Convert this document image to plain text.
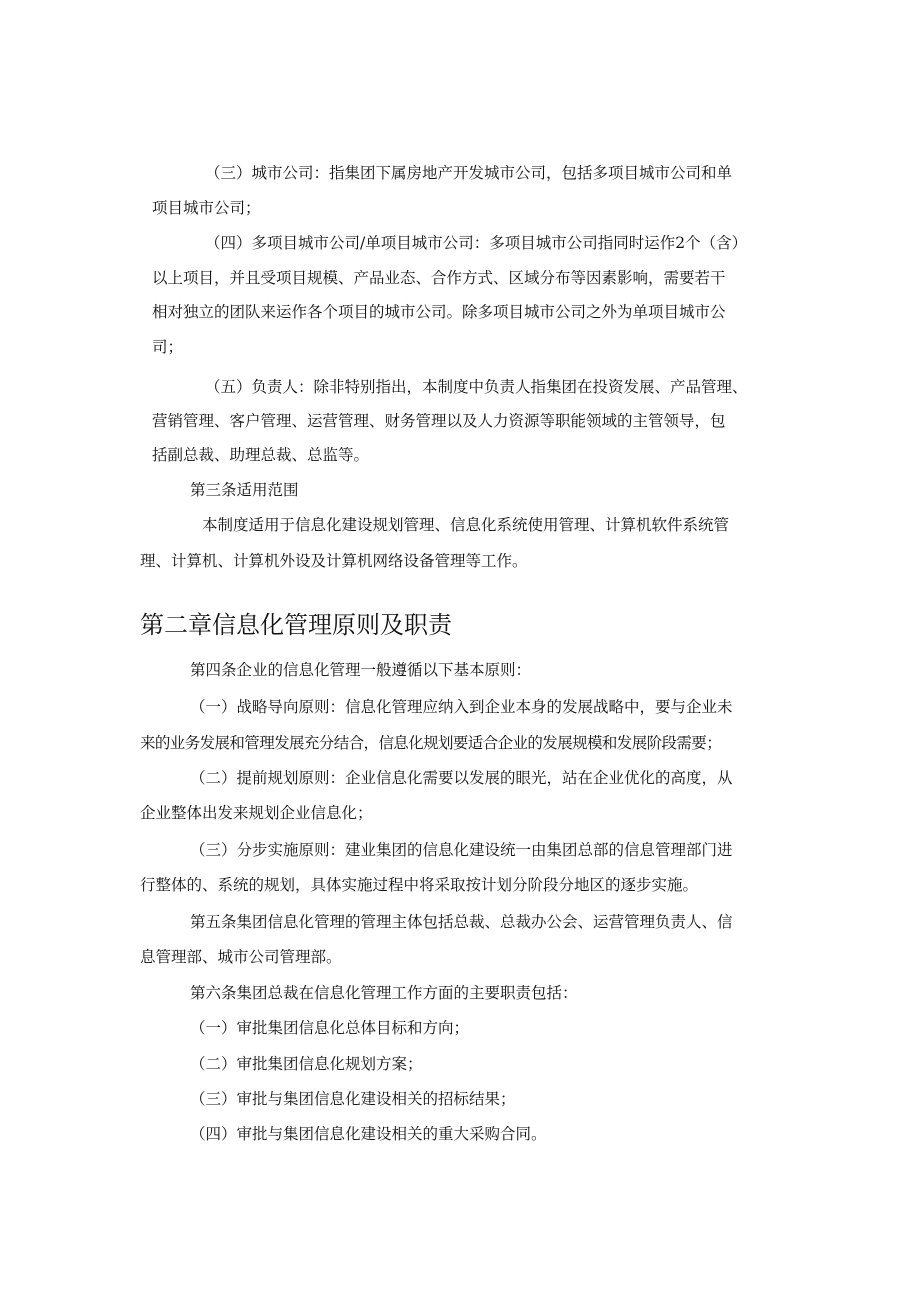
（三）城市公司：指集团下属房地产开发城市公司，包括多项目城市公司和单
项目城市公司；
（四）多项目城市公司/单项目城市公司：多项目城市公司指同时运作2个（含）
以上项目，并且受项目规模、产品业态、合作方式、区域分布等因素影响，需要若干
相对独立的团队来运作各个项目的城市公司。除多项目城市公司之外为单项目城市公
司；
（五）负责人：除非特别指出，本制度中负责人指集团在投资发展、产品管理、
营销管理、客户管理、运营管理、财务管理以及人力资源等职能领域的主管领导，包
括副总裁、助理总裁、总监等。
第三条适用范围
本制度适用于信息化建设规划管理、信息化系统使用管理、计算机软件系统管
理、计算机、计算机外设及计算机网络设备管理等工作。
第二章信息化管理原则及职责
第四条企业的信息化管理一般遵循以下基本原则：
（一）战略导向原则：信息化管理应纳入到企业本身的发展战略中，要与企业未
来的业务发展和管理发展充分结合，信息化规划要适合企业的发展规模和发展阶段需要；
（二）提前规划原则：企业信息化需要以发展的眼光，站在企业优化的高度，从
企业整体出发来规划企业信息化；
（三）分步实施原则：建业集团的信息化建设统一由集团总部的信息管理部门进
行整体的、系统的规划，具体实施过程中将采取按计划分阶段分地区的逐步实施。
第五条集团信息化管理的管理主体包括总裁、总裁办公会、运营管理负责人、信
息管理部、城市公司管理部。
第六条集团总裁在信息化管理工作方面的主要职责包括：
（一）审批集团信息化总体目标和方向；
（二）审批集团信息化规划方案；
（三）审批与集团信息化建设相关的招标结果；
（四）审批与集团信息化建设相关的重大采购合同。
